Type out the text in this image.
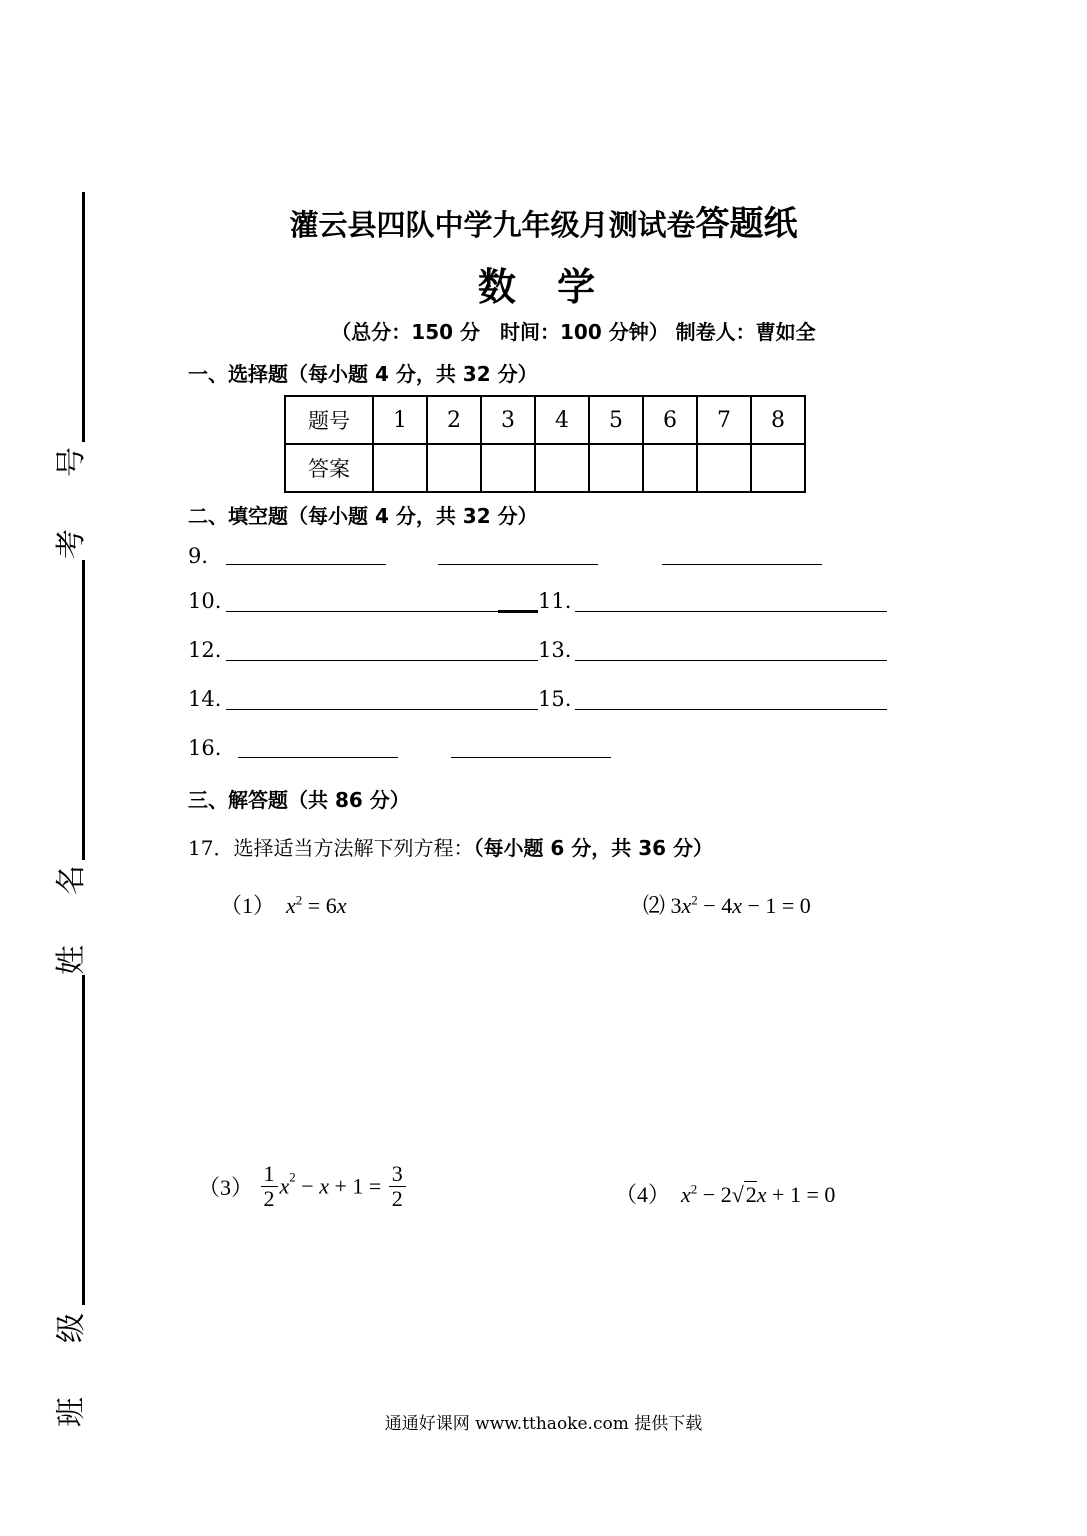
号
考
名
姓
级
班
灌云县四队中学九年级月测试卷答题纸
数 学
（总分：150 分　时间：100 分钟） 制卷人：曹如全
一、选择题（每小题 4 分，共 32 分）
题号	1	2	3	4	5	6	7	8
答案								
二、填空题（每小题 4 分，共 32 分）
9．
10.	11.
12.	13.
14.	15.
16.
三、解答题（共 86 分）
17．选择适当方法解下列方程：（每小题 6 分，共 36 分）
（1） $x^2 = 6x$	⑵ $3x^2 - 4x - 1 = 0$
$(3) \frac{1}{2} x^2 - x + 1 = \frac{3}{2}$	（4） $x^2 - 2√2x + 1 = 0$
通通好课网 www.tthaoke.com 提供下载
